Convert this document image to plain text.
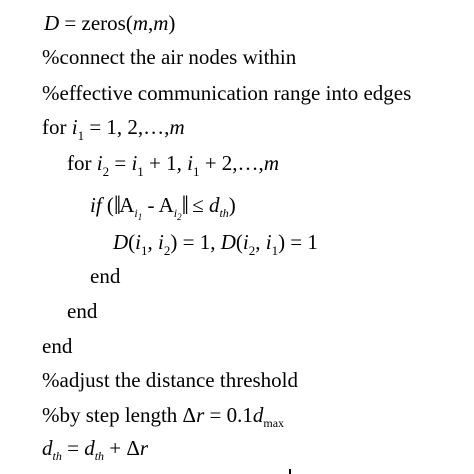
D = zeros(m,m)
%connect the air nodes within
%effective communication range into edges
for $i_1 = 1$, 2,…,m
for $i_2 = i_1 + 1$, $i_1$ + 2,…,m
if ($‖A_{i_1}$ - $A_{i_2}‖ \le d_{th}$)
$D(i_1$, $i_2) = 1$, $D(i_2$, $i_1) = 1$
end
end
end
%adjust the distance threshold
%by step length $\Delta r = 0.1d_{max}$
$d_{th} = d_{th} + \Delta r$
